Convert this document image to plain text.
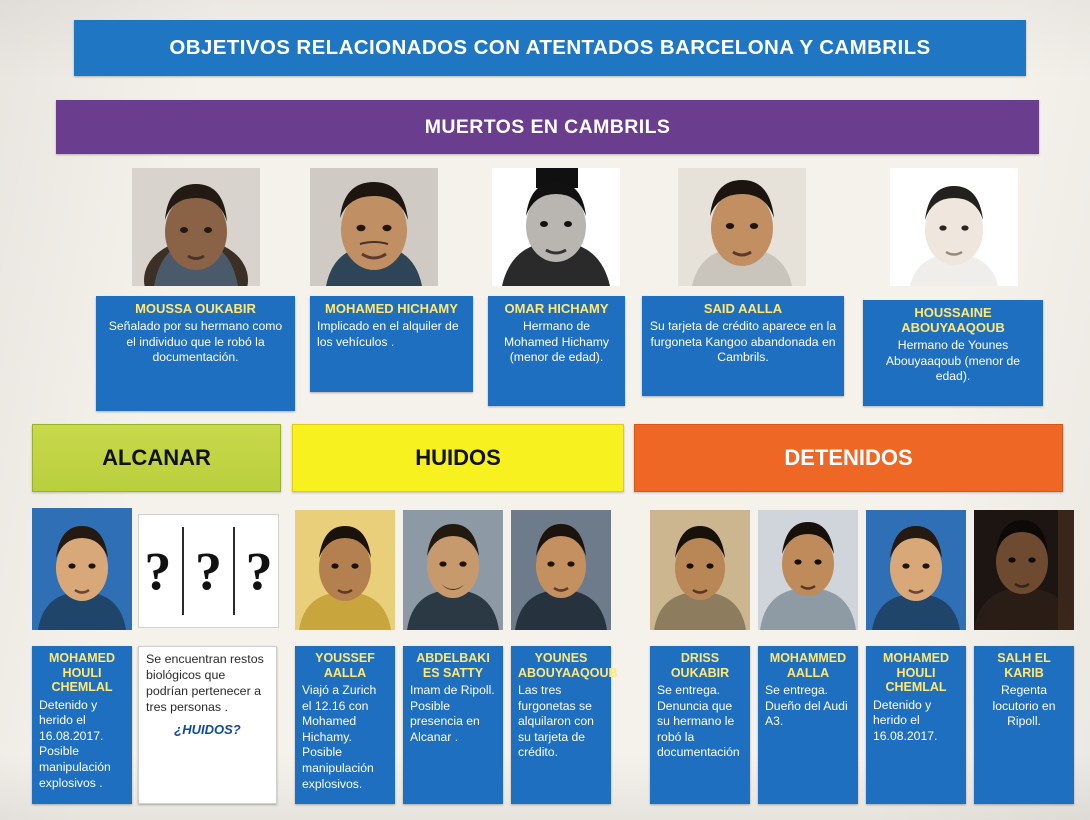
OBJETIVOS RELACIONADOS CON ATENTADOS BARCELONA Y CAMBRILS
MUERTOS EN CAMBRILS
MOUSSA OUKABIR
Señalado por su hermano como el individuo que le robó la documentación.
MOHAMED HICHAMY
Implicado en el alquiler de los vehículos .
OMAR HICHAMY
Hermano de Mohamed Hichamy (menor de edad).
SAID AALLA
Su tarjeta de crédito aparece en la furgoneta Kangoo abandonada en Cambrils.
HOUSSAINE ABOUYAAQOUB
Hermano de Younes Abouyaaqoub (menor de edad).
ALCANAR	HUIDOS	DETENIDOS
? ? ?
MOHAMED HOULI CHEMLAL
Detenido y herido el 16.08.2017. Posible manipulación explosivos .
Se encuentran restos biológicos que podrían pertenecer a tres personas .
¿HUIDOS?
YOUSSEF AALLA
Viajó a Zurich el 12.16 con Mohamed Hichamy. Posible manipulación explosivos.
ABDELBAKI ES SATTY
Imam de Ripoll. Posible presencia en Alcanar .
YOUNES ABOUYAAQOUB
Las tres furgonetas se alquilaron con su tarjeta de crédito.
DRISS OUKABIR
Se entrega. Denuncia que su hermano le robó la documentación
MOHAMMED AALLA
Se entrega. Dueño del Audi A3.
MOHAMED HOULI CHEMLAL
Detenido y herido el 16.08.2017.
SALH EL KARIB
Regenta locutorio en Ripoll.
